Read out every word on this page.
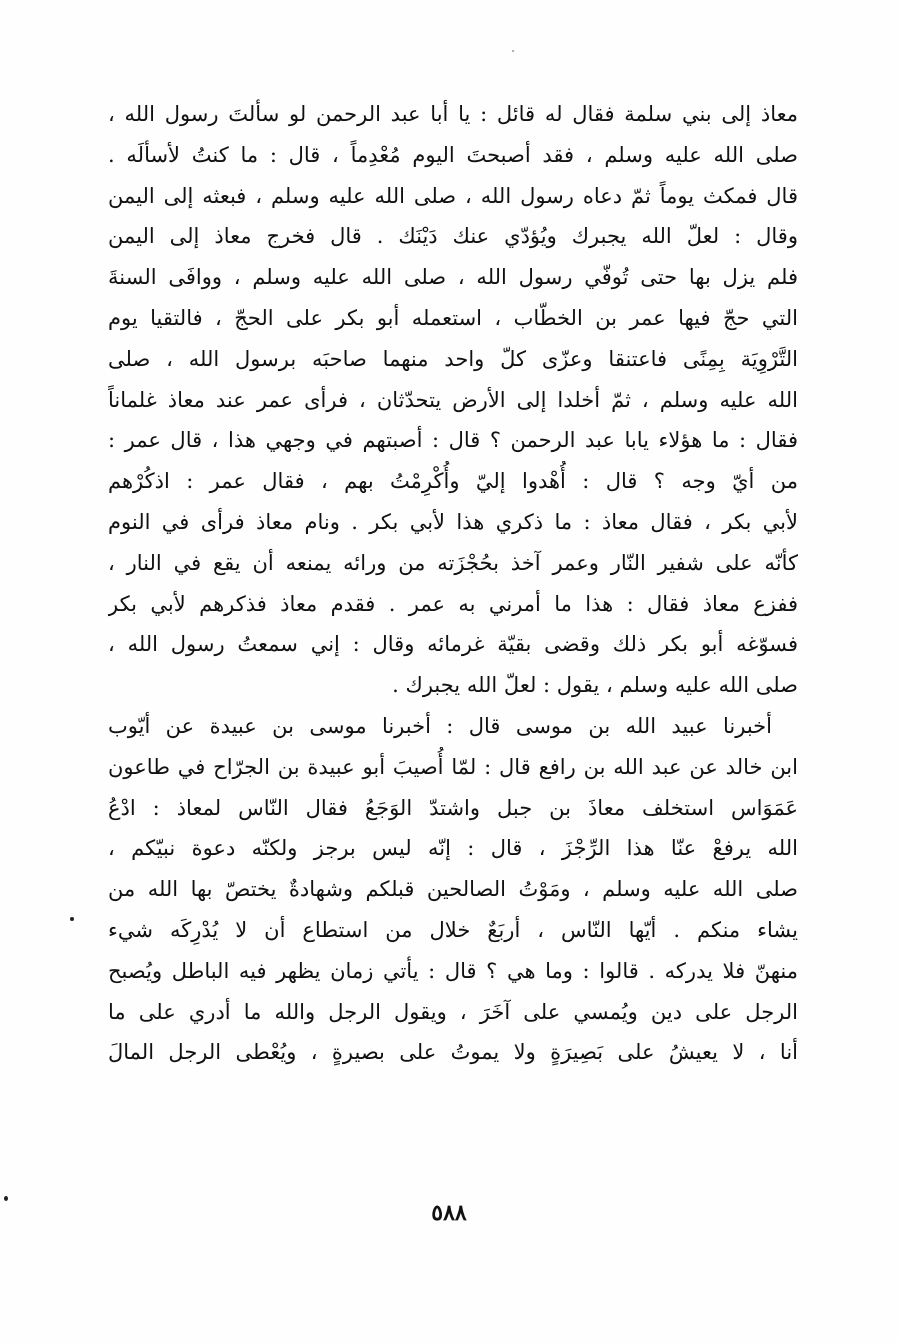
معاذ إلى بني سلمة فقال له قائل : يا أبا عبد الرحمن لو سألتَ رسول الله ،
صلى الله عليه وسلم ، فقد أصبحتَ اليوم مُعْدِماً ، قال : ما كنتُ لأسألَه .
قال فمكث يوماً ثمّ دعاه رسول الله ، صلى الله عليه وسلم ، فبعثه إلى اليمن
وقال : لعلّ الله يجبرك ويُؤدّي عنك دَيْنَك . قال فخرج معاذ إلى اليمن
فلم يزل بها حتى تُوفّي رسول الله ، صلى الله عليه وسلم ، ووافَى السنةَ
التي حجّ فيها عمر بن الخطّاب ، استعمله أبو بكر على الحجّ ، فالتقيا يوم
التَّرْوِيَة بِمِنًى فاعتنقا وعزّى كلّ واحد منهما صاحبَه برسول الله ، صلى
الله عليه وسلم ، ثمّ أخلدا إلى الأرض يتحدّثان ، فرأى عمر عند معاذ غلماناً
فقال : ما هؤلاء يابا عبد الرحمن ؟ قال : أصبتهم في وجهي هذا ، قال عمر :
من أيّ وجه ؟ قال : أُهْدوا إليّ وأُكْرِمْتُ بهم ، فقال عمر : اذكُرْهم
لأبي بكر ، فقال معاذ : ما ذكري هذا لأبي بكر . ونام معاذ فرأى في النوم
كأنّه على شفير النّار وعمر آخذ بحُجْزَته من ورائه يمنعه أن يقع في النار ،
ففزع معاذ فقال : هذا ما أمرني به عمر . فقدم معاذ فذكرهم لأبي بكر
فسوّغه أبو بكر ذلك وقضى بقيّة غرمائه وقال : إني سمعتُ رسول الله ،
صلى الله عليه وسلم ، يقول : لعلّ الله يجبرك .
أخبرنا عبيد الله بن موسى قال : أخبرنا موسى بن عبيدة عن أيّوب
ابن خالد عن عبد الله بن رافع قال : لمّا أُصيبَ أبو عبيدة بن الجرّاح في طاعون
عَمَوَاس استخلف معاذَ بن جبل واشتدّ الوَجَعُ فقال النّاس لمعاذ : ادْعُ
الله يرفعْ عنّا هذا الرِّجْزَ ، قال : إنّه ليس برجز ولكنّه دعوة نبيّكم ،
صلى الله عليه وسلم ، ومَوْتُ الصالحين قبلكم وشهادةٌ يختصّ بها الله من
يشاء منكم . أيّها النّاس ، أربَعٌ خلال من استطاع أن لا يُدْرِكَه شيء
منهنّ فلا يدركه . قالوا : وما هي ؟ قال : يأتي زمان يظهر فيه الباطل ويُصبح
الرجل على دين ويُمسي على آخَرَ ، ويقول الرجل والله ما أدري على ما
أنا ، لا يعيشُ على بَصِيرَةٍ ولا يموتُ على بصيرةٍ ، ويُعْطى الرجل المالَ
٥٨٨
